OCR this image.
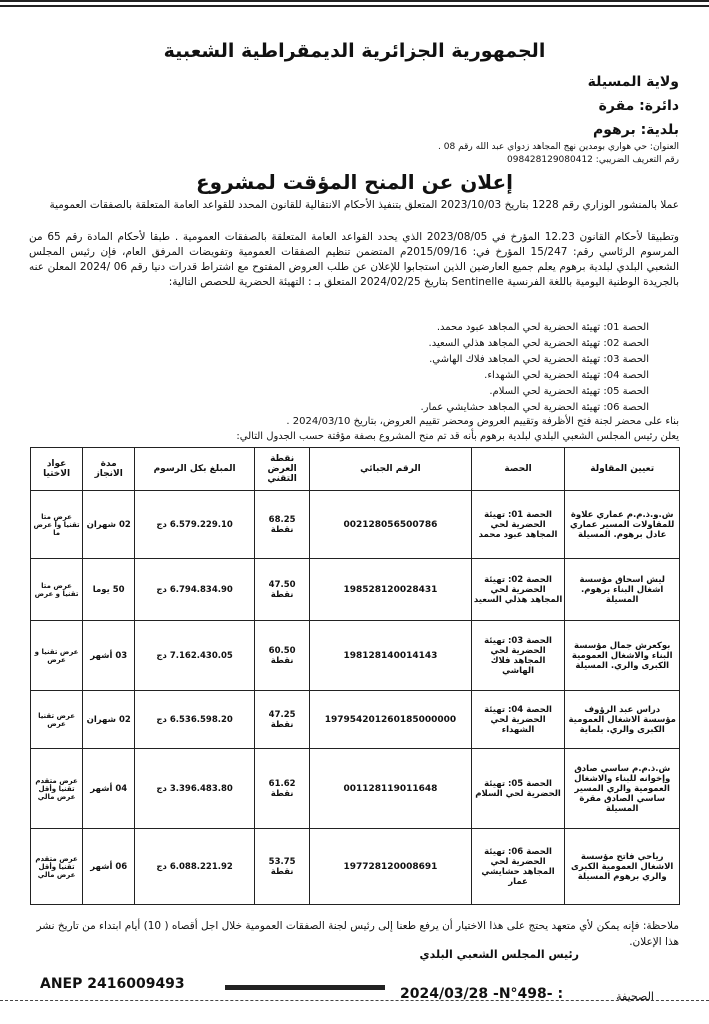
الجمهورية الجزائرية الديمقراطية الشعبية
ولاية المسيلة
دائرة: مقرة
بلدية: برهوم
العنوان: حي هواري بومدين نهج المجاهد زدواي عبد الله رقم 08 .
رقم التعريف الضريبي: 098428129080412
إعلان عن المنح المؤقت لمشروع
عملا بالمنشور الوزاري رقم 1228 بتاريخ 2023/10/03 المتعلق بتنفيذ الأحكام الانتقالية للقانون المحدد للقواعد العامة المتعلقة بالصفقات العمومية
وتطبيقا لأحكام القانون 12.23 المؤرخ في 2023/08/05 الذي يحدد القواعد العامة المتعلقة بالصفقات العمومية . طبقا لأحكام المادة رقم 65 من المرسوم الرئاسي رقم: 15/247 المؤرخ في: 2015/09/16م المتضمن تنظيم الصفقات العمومية وتفويضات المرفق العام، فإن رئيس المجلس الشعبي البلدي لبلدية برهوم يعلم جميع العارضين الذين استجابوا للإعلان عن طلب العروض المفتوح مع اشتراط قدرات دنيا رقم 06 /2024 المعلن عنه بالجريدة الوطنية اليومية باللغة الفرنسية Sentinelle بتاريخ 2024/02/25 المتعلق بـ : التهيئة الحضرية للحصص التالية:
الحصة 01: تهيئة الحضرية لحي المجاهد عبود محمد.
الحصة 02: تهيئة الحضرية لحي المجاهد هذلي السعيد.
الحصة 03: تهيئة الحضرية لحي المجاهد فلاك الهاشي.
الحصة 04: تهيئة الحضرية لحي الشهداء.
الحصة 05: تهيئة الحضرية لحي السلام.
الحصة 06: تهيئة الحضرية لحي المجاهد حشايشي عمار.
بناء على محضر لجنة فتح الأظرفة وتقييم العروض ومحضر تقييم العروض، بتاريخ 2024/03/10 .
يعلن رئيس المجلس الشعبي البلدي لبلدية برهوم بأنه قد تم منح المشروع بصفة مؤقتة حسب الجدول التالي:
تعيين المقاولة	الحصة	الرقم الجبائي	نقطة العرض التقني	المبلغ بكل الرسوم	مدة الانجاز	عواد الاختيا
ش.و.ذ.م.م عماري علاوة للمقاولات المسير عماري عادل برهوم. المسيلة	الحصة 01: تهيئة الحضرية لحي المجاهد عبود محمد	002128056500786	68.25 نقطة	6.579.229.10 دج	02 شهران	عرض متا تقنيا وأ عرض ما
ليش اسحاق مؤسسة اشغال البناء برهوم. المسيلة	الحصة 02: تهيئة الحضرية لحي المجاهد هذلي السعيد	198528120028431	47.50 نقطة	6.794.834.90 دج	50 يوما	عرض متا تقنيا و عرض
بوكعرش جمال مؤسسة البناء والاشغال العمومية الكبرى والري. المسيلة	الحصة 03: تهيئة الحضرية لحي المجاهد فلاك الهاشي	198128140014143	60.50 نقطة	7.162.430.05 دج	03 أشهر	عرض تقنيا و عرض
دراس عبد الرؤوف مؤسسة الاشغال العمومية الكبرى والري. بلماية	الحصة 04: تهيئة الحضرية لحي الشهداء	197954201260185000000	47.25 نقطة	6.536.598.20 دج	02 شهران	عرض تقنيا عرض
ش.ذ.م.م ساسي صادق وإخوانه للبناء والاشغال العمومية والري المسير ساسي الصادق مقرة المسيلة	الحصة 05: تهيئة الحضرية لحي السلام	001128119011648	61.62 نقطة	3.396.483.80 دج	04 أشهر	عرض متقدم تقنيا وأقل عرض مالي
رياحي فاتح مؤسسة الاشغال العمومية الكبرى والري برهوم المسيلة	الحصة 06: تهيئة الحضرية لحي المجاهد حشايشي عمار	197728120008691	53.75 نقطة	6.088.221.92 دج	06 أشهر	عرض متقدم تقنيا وأقل عرض مالي
ملاحظة: فإنه يمكن لأي متعهد يحتج على هذا الاختيار أن يرفع طعنا إلى رئيس لجنة الصفقات العمومية خلال اجل أقصاه ( 10) أيام ابتداء من تاريخ نشر هذا الإعلان.
رئيس المجلس الشعبي البلدي
ANEP 2416009493
2024/03/28 -N°498- :	الصحيفة
